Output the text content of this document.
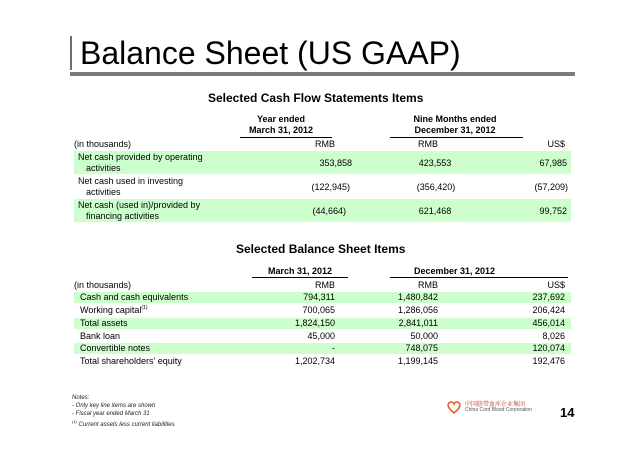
Balance Sheet (US GAAP)
Selected Cash Flow Statements Items
Year ended
March 31, 2012
Nine Months ended
December 31, 2012
(in thousands)	RMB	RMB	US$
Net cash provided by operating
activities	353,858	423,553	67,985
Net cash used in investing
activities	(122,945)	(356,420)	(57,209)
Net cash (used in)/provided by
financing activities	(44,664)	621,468	99,752
Selected Balance Sheet Items
March 31, 2012	December 31, 2012
(in thousands)	RMB	RMB	US$
Cash and cash equivalents	794,311	1,480,842	237,692
Working capital$^{(1)}$	700,065	1,286,056	206,424
Total assets	1,824,150	2,841,011	456,014
Bank loan	45,000	50,000	8,026
Convertible notes	-	748,075	120,074
Total shareholders’ equity	1,202,734	1,199,145	192,476
Notes:
- Only key line items are shown
- Fiscal year ended March 31
$^{(1)}$ Current assets less current liabilities
中国脐带血库企业集团
China Cord Blood Corporation 14
